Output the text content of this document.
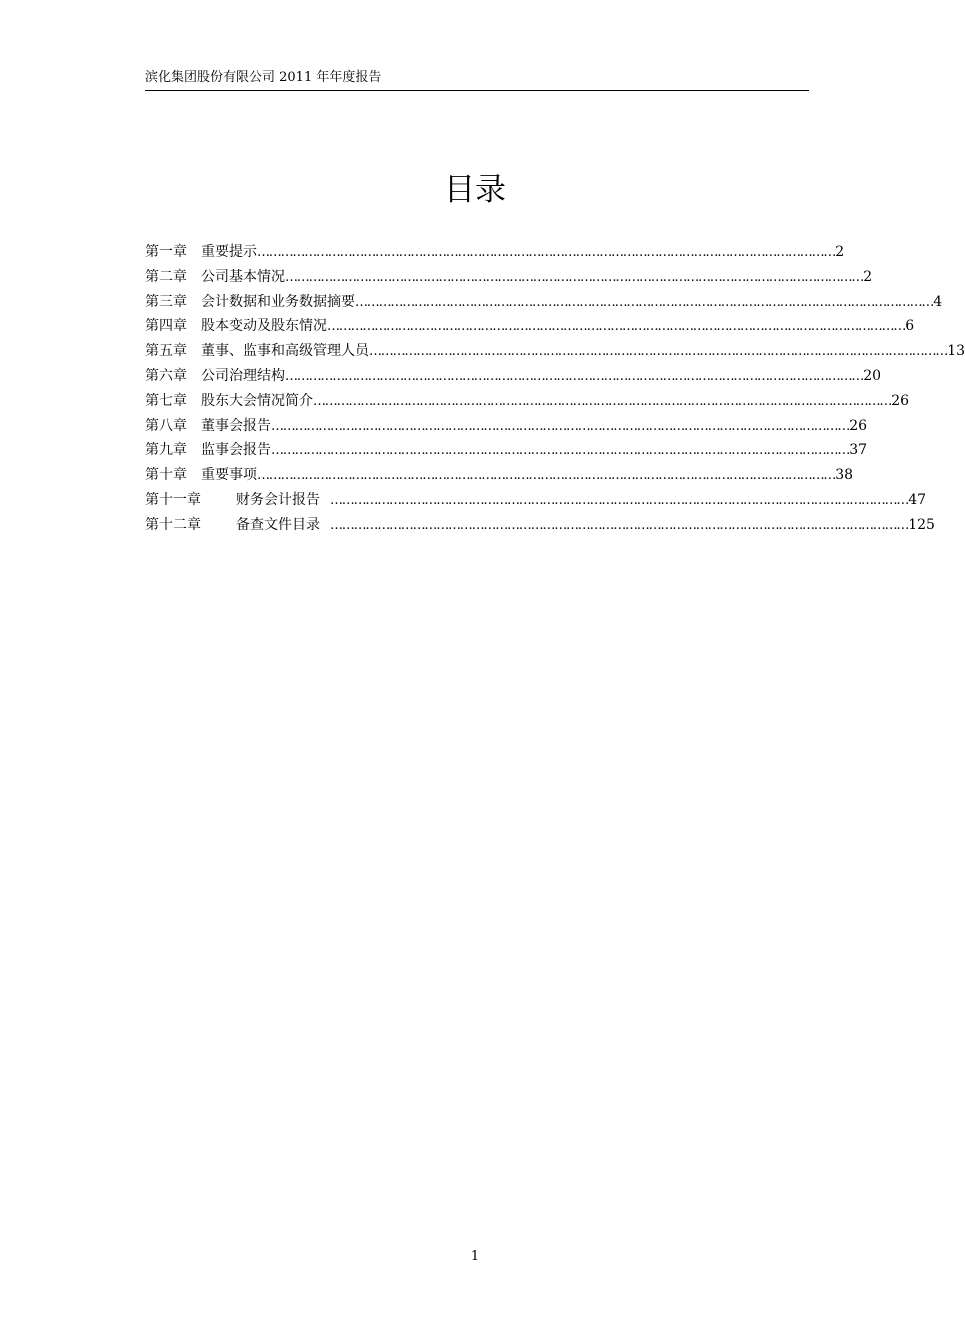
滨化集团股份有限公司 2011 年年度报告
目录
第一章 重要提示 ………………………………………………………………………………………………………………………………… 2
第二章 公司基本情况 ………………………………………………………………………………………………………………………………… 2
第三章 会计数据和业务数据摘要 ………………………………………………………………………………………………………………………………… 4
第四章 股本变动及股东情况 ………………………………………………………………………………………………………………………………… 6
第五章 董事、监事和高级管理人员 ………………………………………………………………………………………………………………………………… 13
第六章 公司治理结构 ………………………………………………………………………………………………………………………………… 20
第七章 股东大会情况简介 ………………………………………………………………………………………………………………………………… 26
第八章 董事会报告 ………………………………………………………………………………………………………………………………… 26
第九章 监事会报告 ………………………………………………………………………………………………………………………………… 37
第十章 重要事项 ………………………………………………………………………………………………………………………………… 38
第十一章	财务会计报告 ………………………………………………………………………………………………………………………………… 47
第十二章	备查文件目录 ………………………………………………………………………………………………………………………………… 125
1
